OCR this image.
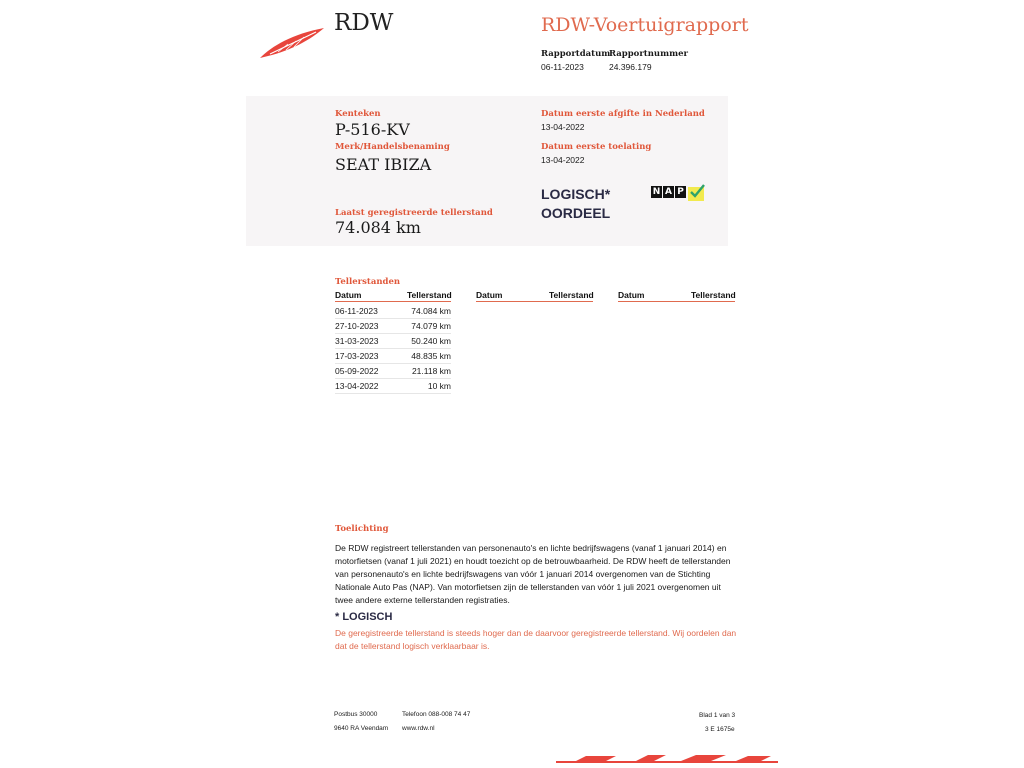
RDW	RDW-Voertuigrapport
Rapportdatum
06-11-2023
Rapportnummer
24.396.179
Kenteken
P-516-KV
Merk/Handelsbenaming
SEAT IBIZA
Laatst geregistreerde tellerstand
74.084 km
Datum eerste afgifte in Nederland
13-04-2022
Datum eerste toelating
13-04-2022
LOGISCH*
OORDEEL
N A P
Tellerstanden
Datum	Tellerstand	Datum	Tellerstand	Datum	Tellerstand
06-11-2023	74.084 km
27-10-2023	74.079 km
31-03-2023	50.240 km
17-03-2023	48.835 km
05-09-2022	21.118 km
13-04-2022	10 km
Toelichting
De RDW registreert tellerstanden van personenauto's en lichte bedrijfswagens (vanaf 1 januari 2014) en
motorfietsen (vanaf 1 juli 2021) en houdt toezicht op de betrouwbaarheid. De RDW heeft de tellerstanden
van personenauto's en lichte bedrijfswagens van vóór 1 januari 2014 overgenomen van de Stichting
Nationale Auto Pas (NAP). Van motorfietsen zijn de tellerstanden van vóór 1 juli 2021 overgenomen uit
twee andere externe tellerstanden registraties.
* LOGISCH
De geregistreerde tellerstand is steeds hoger dan de daarvoor geregistreerde tellerstand. Wij oordelen dan
dat de tellerstand logisch verklaarbaar is.
Postbus 30000
9640 RA Veendam
Telefoon 088-008 74 47
www.rdw.nl
Blad 1 van 3
3 E 1675e
